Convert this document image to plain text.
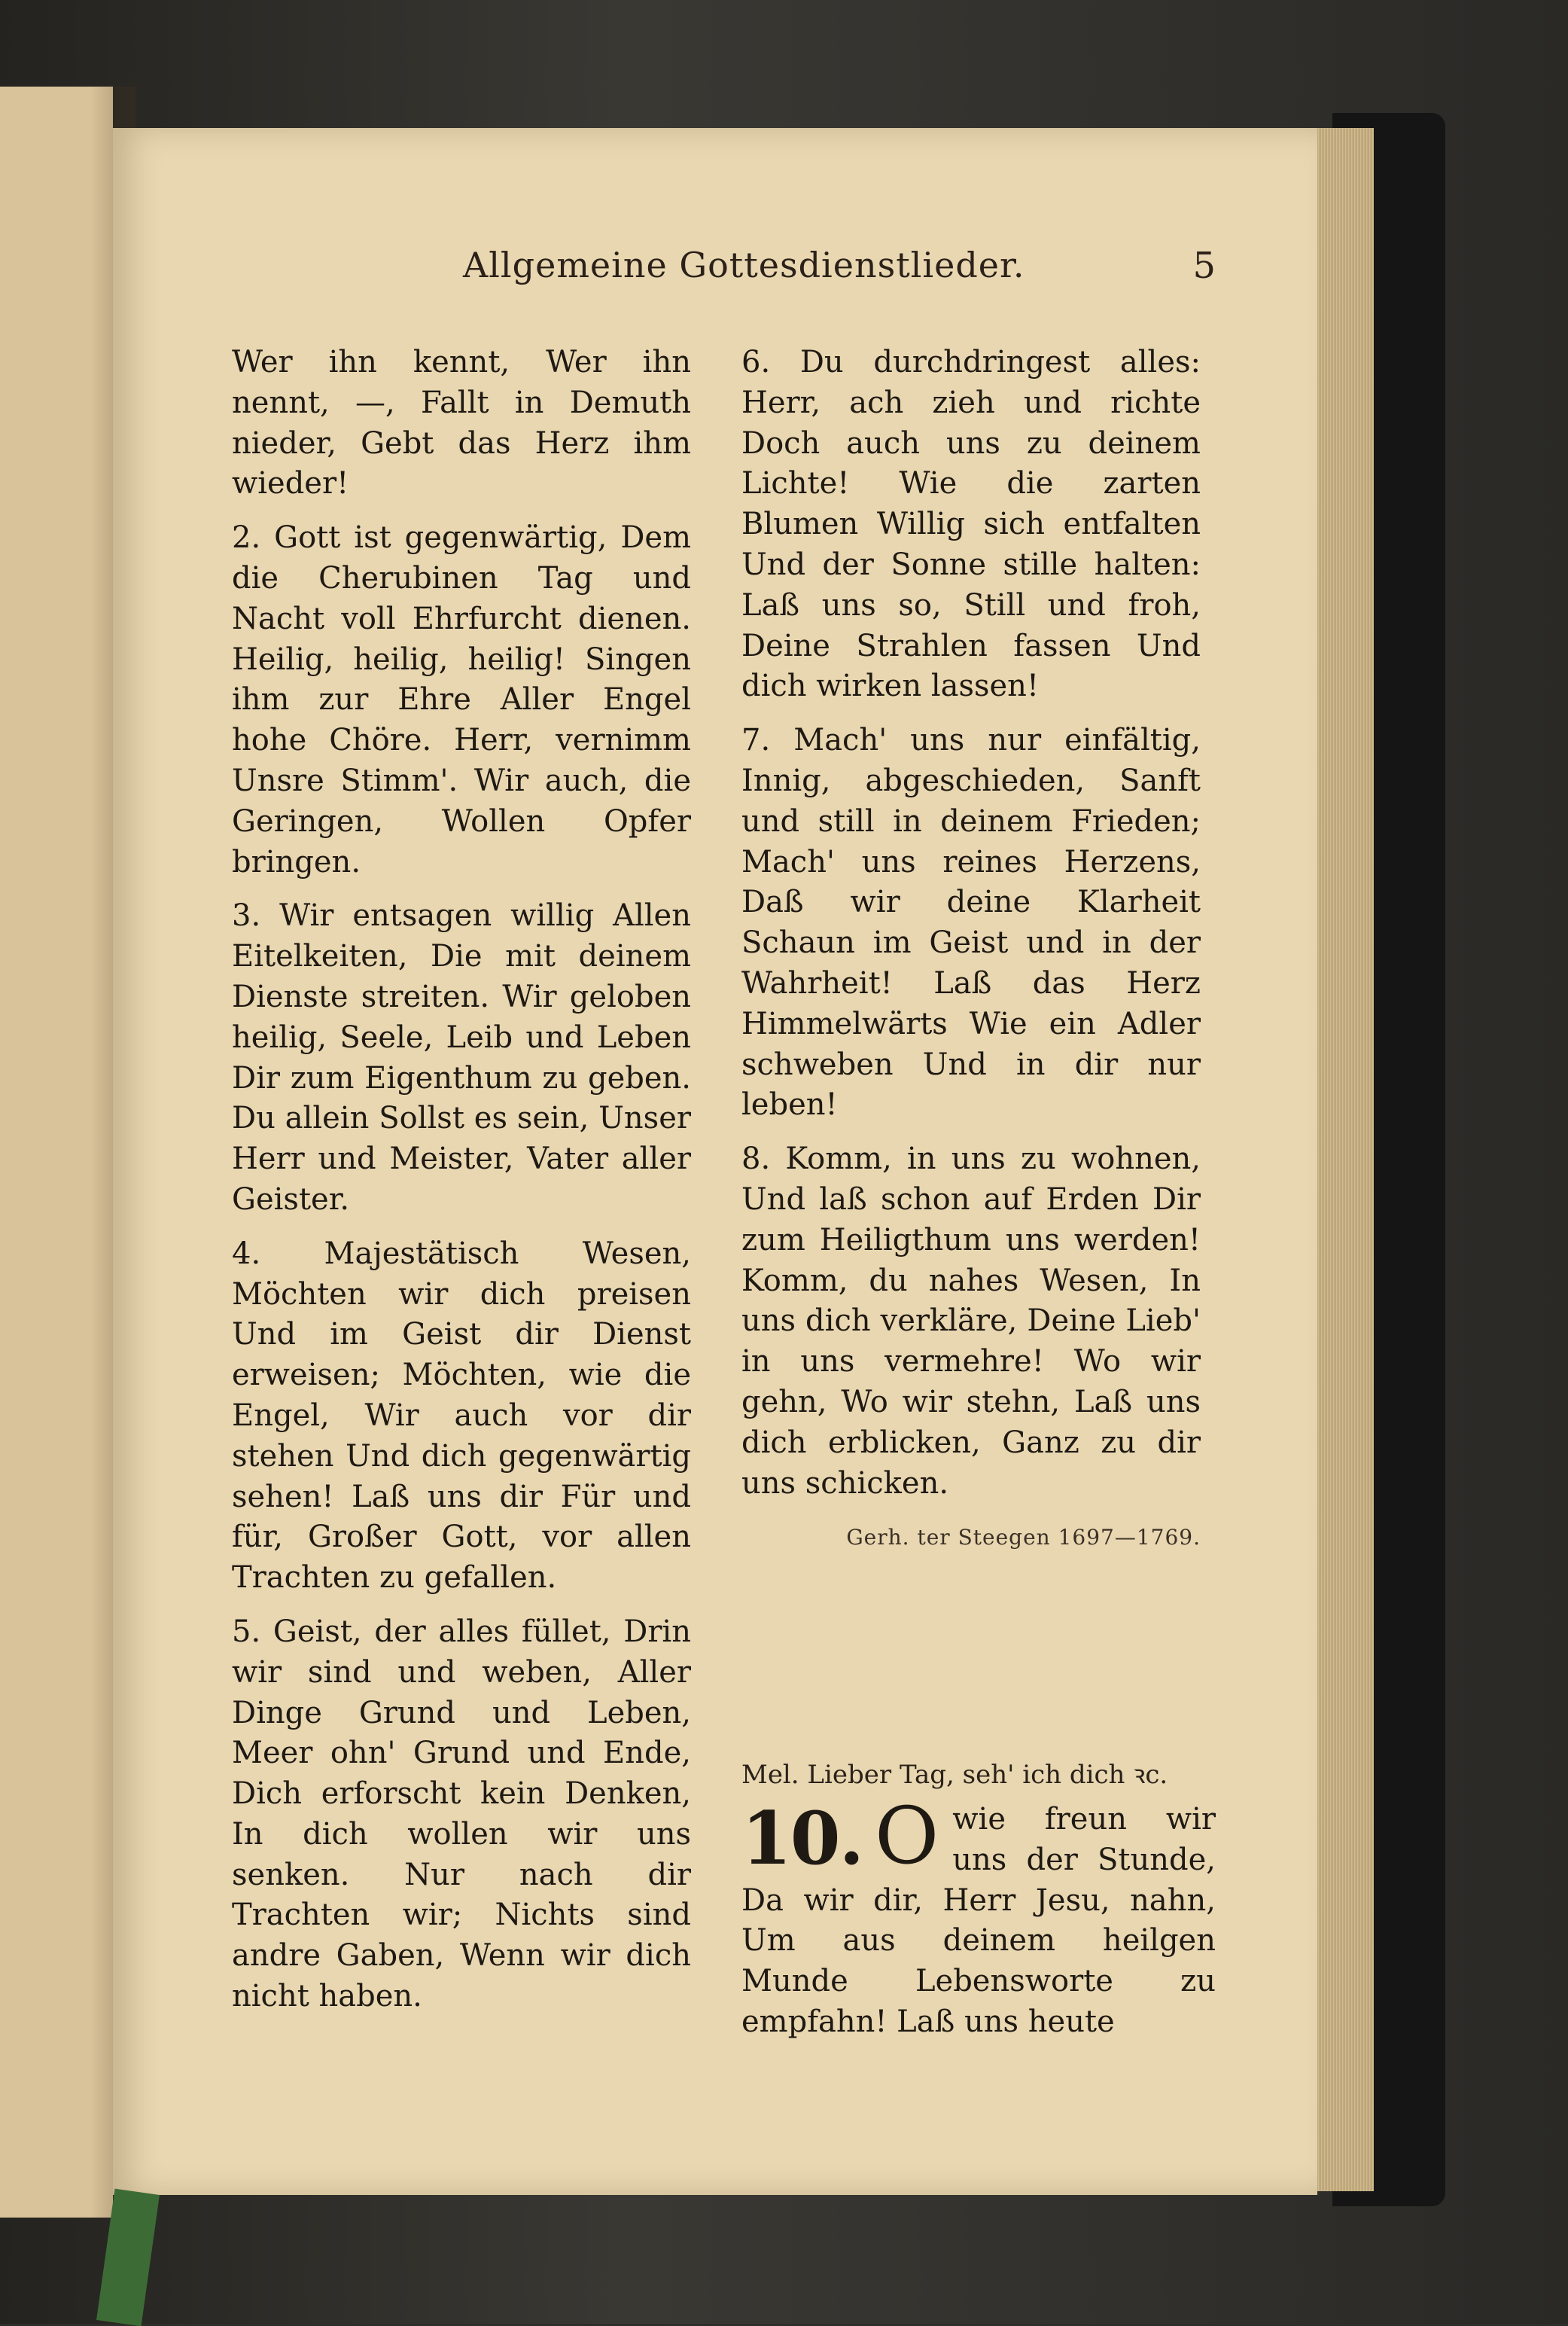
Allgemeine Gottesdienstlieder.	5

Wer ihn kennt, Wer ihn nennt, —, Fallt in Demuth nieder, Gebt das Herz ihm wieder!

2. Gott ist gegenwärtig, Dem die Cherubinen Tag und Nacht voll Ehrfurcht dienen. Heilig, heilig, heilig! Singen ihm zur Ehre Aller Engel hohe Chöre. Herr, vernimm Unsre Stimm'. Wir auch, die Geringen, Wollen Opfer bringen.

3. Wir entsagen willig Allen Eitelkeiten, Die mit deinem Dienste streiten. Wir geloben heilig, Seele, Leib und Leben Dir zum Eigenthum zu geben. Du allein Sollst es sein, Unser Herr und Meister, Vater aller Geister.

4. Majestätisch Wesen, Möchten wir dich preisen Und im Geist dir Dienst erweisen; Möchten, wie die Engel, Wir auch vor dir stehen Und dich gegenwärtig sehen! Laß uns dir Für und für, Großer Gott, vor allen Trachten zu gefallen.

5. Geist, der alles füllet, Drin wir sind und weben, Aller Dinge Grund und Leben, Meer ohn' Grund und Ende, Dich erforscht kein Denken, In dich wollen wir uns senken. Nur nach dir Trachten wir; Nichts sind andre Gaben, Wenn wir dich nicht haben.

6. Du durchdringest alles: Herr, ach zieh und richte Doch auch uns zu deinem Lichte! Wie die zarten Blumen Willig sich entfalten Und der Sonne stille halten: Laß uns so, Still und froh, Deine Strahlen fassen Und dich wirken lassen!

7. Mach' uns nur einfältig, Innig, abgeschieden, Sanft und still in deinem Frieden; Mach' uns reines Herzens, Daß wir deine Klarheit Schaun im Geist und in der Wahrheit! Laß das Herz Himmelwärts Wie ein Adler schweben Und in dir nur leben!

8. Komm, in uns zu wohnen, Und laß schon auf Erden Dir zum Heiligthum uns werden! Komm, du nahes Wesen, In uns dich verkläre, Deine Lieb' in uns vermehre! Wo wir gehn, Wo wir stehn, Laß uns dich erblicken, Ganz zu dir uns schicken.

Gerh. ter Steegen 1697—1769.
Mel. Lieber Tag, seh' ich dich ꝛc.
10. O wie freun wir uns der Stunde, Da wir dir, Herr Jesu, nahn, Um aus deinem heilgen Munde Lebensworte zu empfahn! Laß uns heute
